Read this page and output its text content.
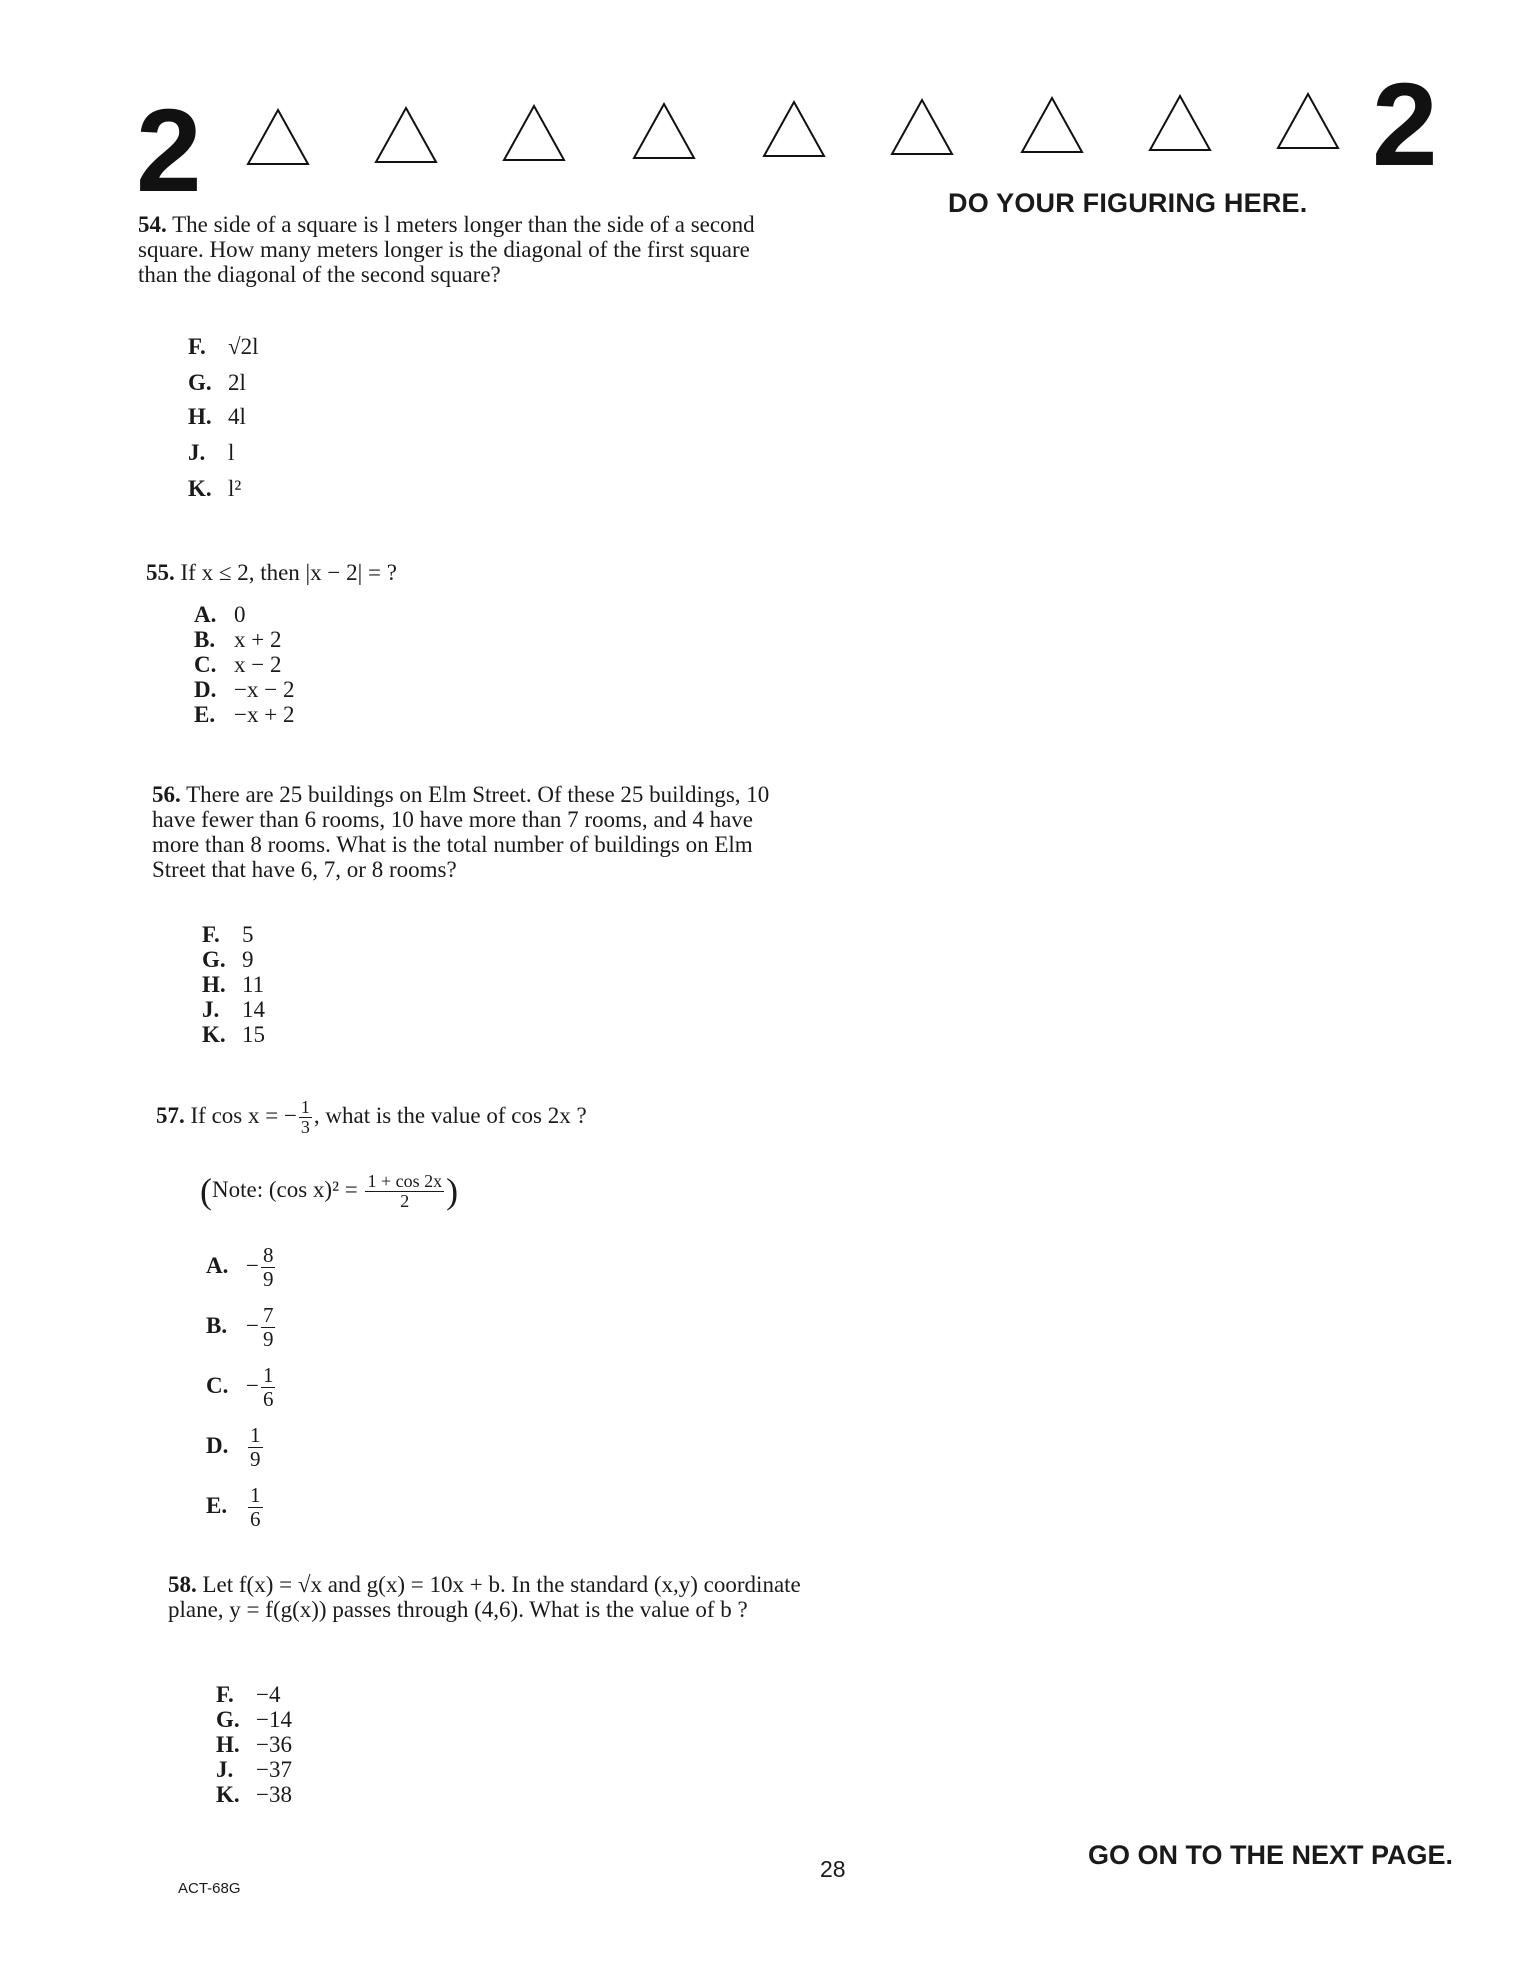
2	2
DO YOUR FIGURING HERE.
54. The side of a square is l meters longer than the side of a second square. How many meters longer is the diagonal of the first square than the diagonal of the second square?
F. √2l
G. 2l
H. 4l
J. l
K. l²
55. If x ≤ 2, then |x − 2| = ?
A. 0
B. x + 2
C. x − 2
D. −x − 2
E. −x + 2
56. There are 25 buildings on Elm Street. Of these 25 buildings, 10 have fewer than 6 rooms, 10 have more than 7 rooms, and 4 have more than 8 rooms. What is the total number of buildings on Elm Street that have 6, 7, or 8 rooms?
F. 5
G. 9
H. 11
J. 14
K. 15
57. If cos x = − $\frac{1}{3}$ , what is the value of cos 2x ?
(Note: (cos $x)^2 = \frac{1 + \cos 2x}{2}$ )
A. − $\frac{8}{9}$
B. − $\frac{7}{9}$
C. − $\frac{1}{6}$
D. $\frac{1}{9}$
E. $\frac{1}{6}$
58. Let f(x) = √x and g(x) = 10x + b. In the standard (x,y) coordinate plane, y = f(g(x)) passes through (4,6). What is the value of b ?
F. −4
G. −14
H. −36
J. −37
K. −38
ACT-68G
28	GO ON TO THE NEXT PAGE.
